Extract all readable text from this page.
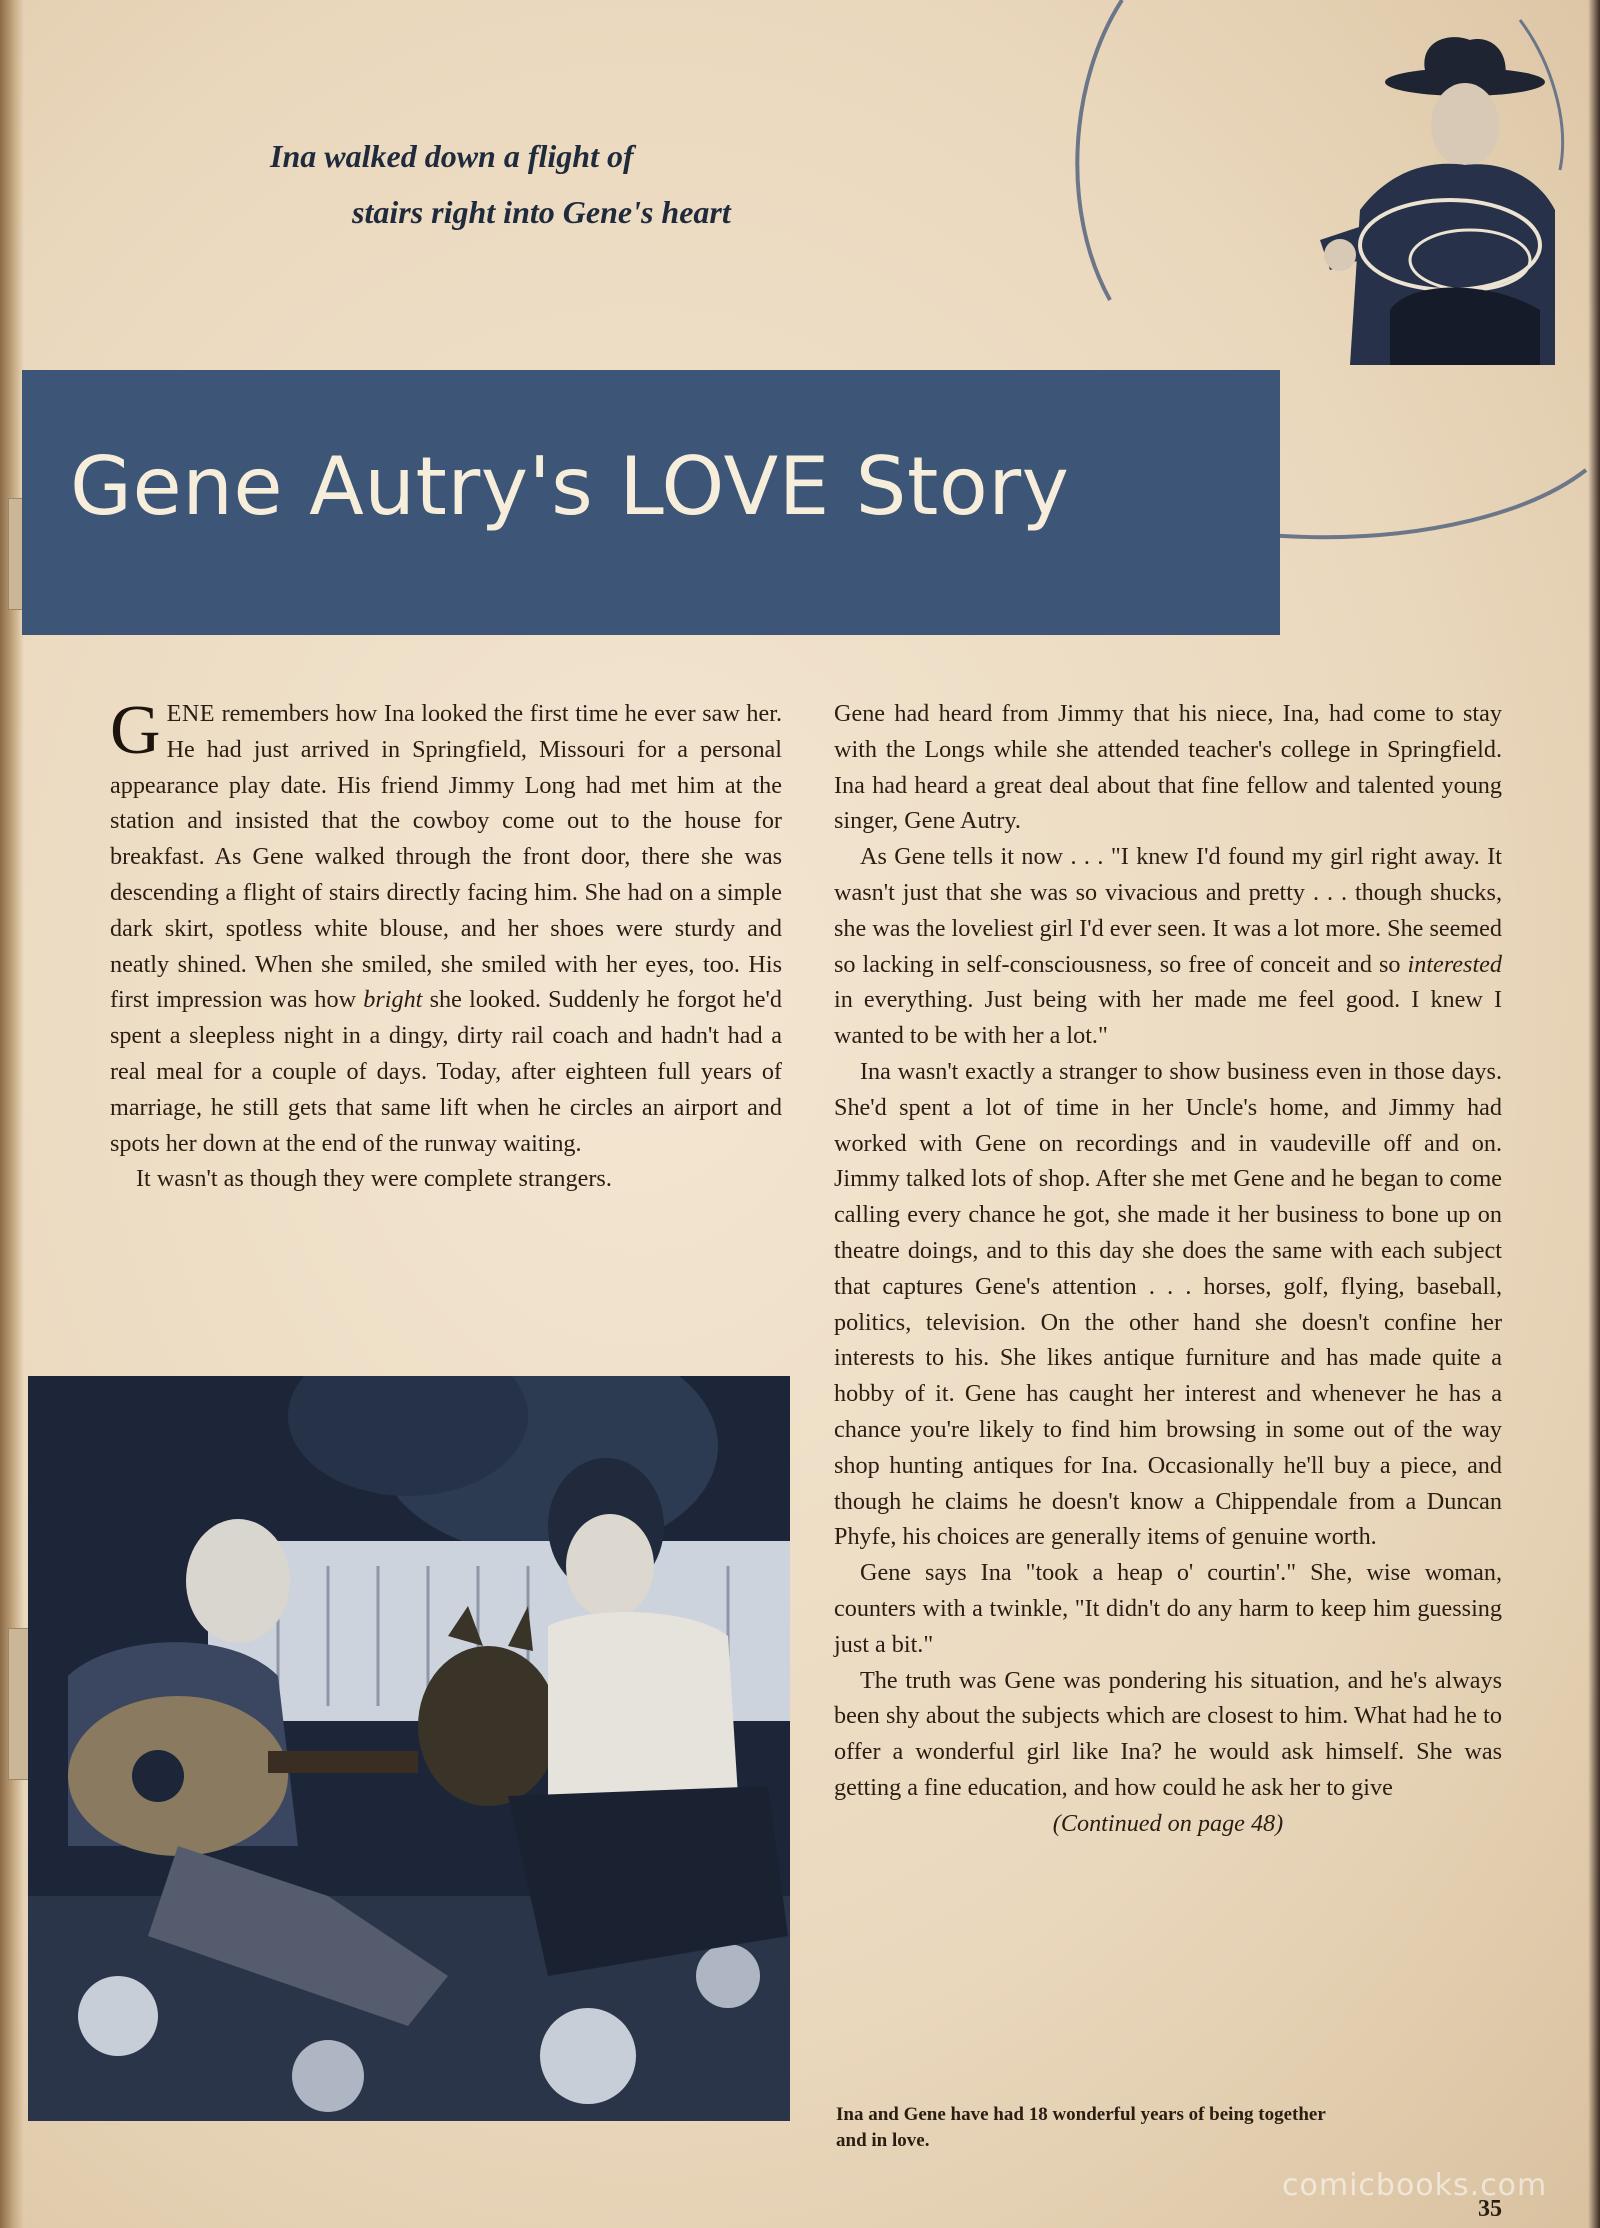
Ina walked down a flight of
stairs right into Gene's heart
Gene Autry's LOVE Story

GENE remembers how Ina looked the first time he ever saw her. He had just arrived in Springfield, Missouri for a personal appearance play date. His friend Jimmy Long had met him at the station and insisted that the cowboy come out to the house for breakfast. As Gene walked through the front door, there she was descending a flight of stairs directly facing him. She had on a simple dark skirt, spotless white blouse, and her shoes were sturdy and neatly shined. When she smiled, she smiled with her eyes, too. His first impression was how bright she looked. Suddenly he forgot he'd spent a sleepless night in a dingy, dirty rail coach and hadn't had a real meal for a couple of days. Today, after eighteen full years of marriage, he still gets that same lift when he circles an airport and spots her down at the end of the runway waiting.

It wasn't as though they were complete strangers.

Gene had heard from Jimmy that his niece, Ina, had come to stay with the Longs while she attended teacher's college in Springfield. Ina had heard a great deal about that fine fellow and talented young singer, Gene Autry.

As Gene tells it now . . . "I knew I'd found my girl right away. It wasn't just that she was so vivacious and pretty . . . though shucks, she was the loveliest girl I'd ever seen. It was a lot more. She seemed so lacking in self-consciousness, so free of conceit and so interested in everything. Just being with her made me feel good. I knew I wanted to be with her a lot."

Ina wasn't exactly a stranger to show business even in those days. She'd spent a lot of time in her Uncle's home, and Jimmy had worked with Gene on recordings and in vaudeville off and on. Jimmy talked lots of shop. After she met Gene and he began to come calling every chance he got, she made it her business to bone up on theatre doings, and to this day she does the same with each subject that captures Gene's attention . . . horses, golf, flying, baseball, politics, television. On the other hand she doesn't confine her interests to his. She likes antique furniture and has made quite a hobby of it. Gene has caught her interest and whenever he has a chance you're likely to find him browsing in some out of the way shop hunting antiques for Ina. Occasionally he'll buy a piece, and though he claims he doesn't know a Chippendale from a Duncan Phyfe, his choices are generally items of genuine worth.

Gene says Ina "took a heap o' courtin'." She, wise woman, counters with a twinkle, "It didn't do any harm to keep him guessing just a bit."

The truth was Gene was pondering his situation, and he's always been shy about the subjects which are closest to him. What had he to offer a wonderful girl like Ina? he would ask himself. She was getting a fine education, and how could he ask her to give

(Continued on page 48)

Ina and Gene have had 18 wonderful years of being together and in love.
comicbooks.com
35
